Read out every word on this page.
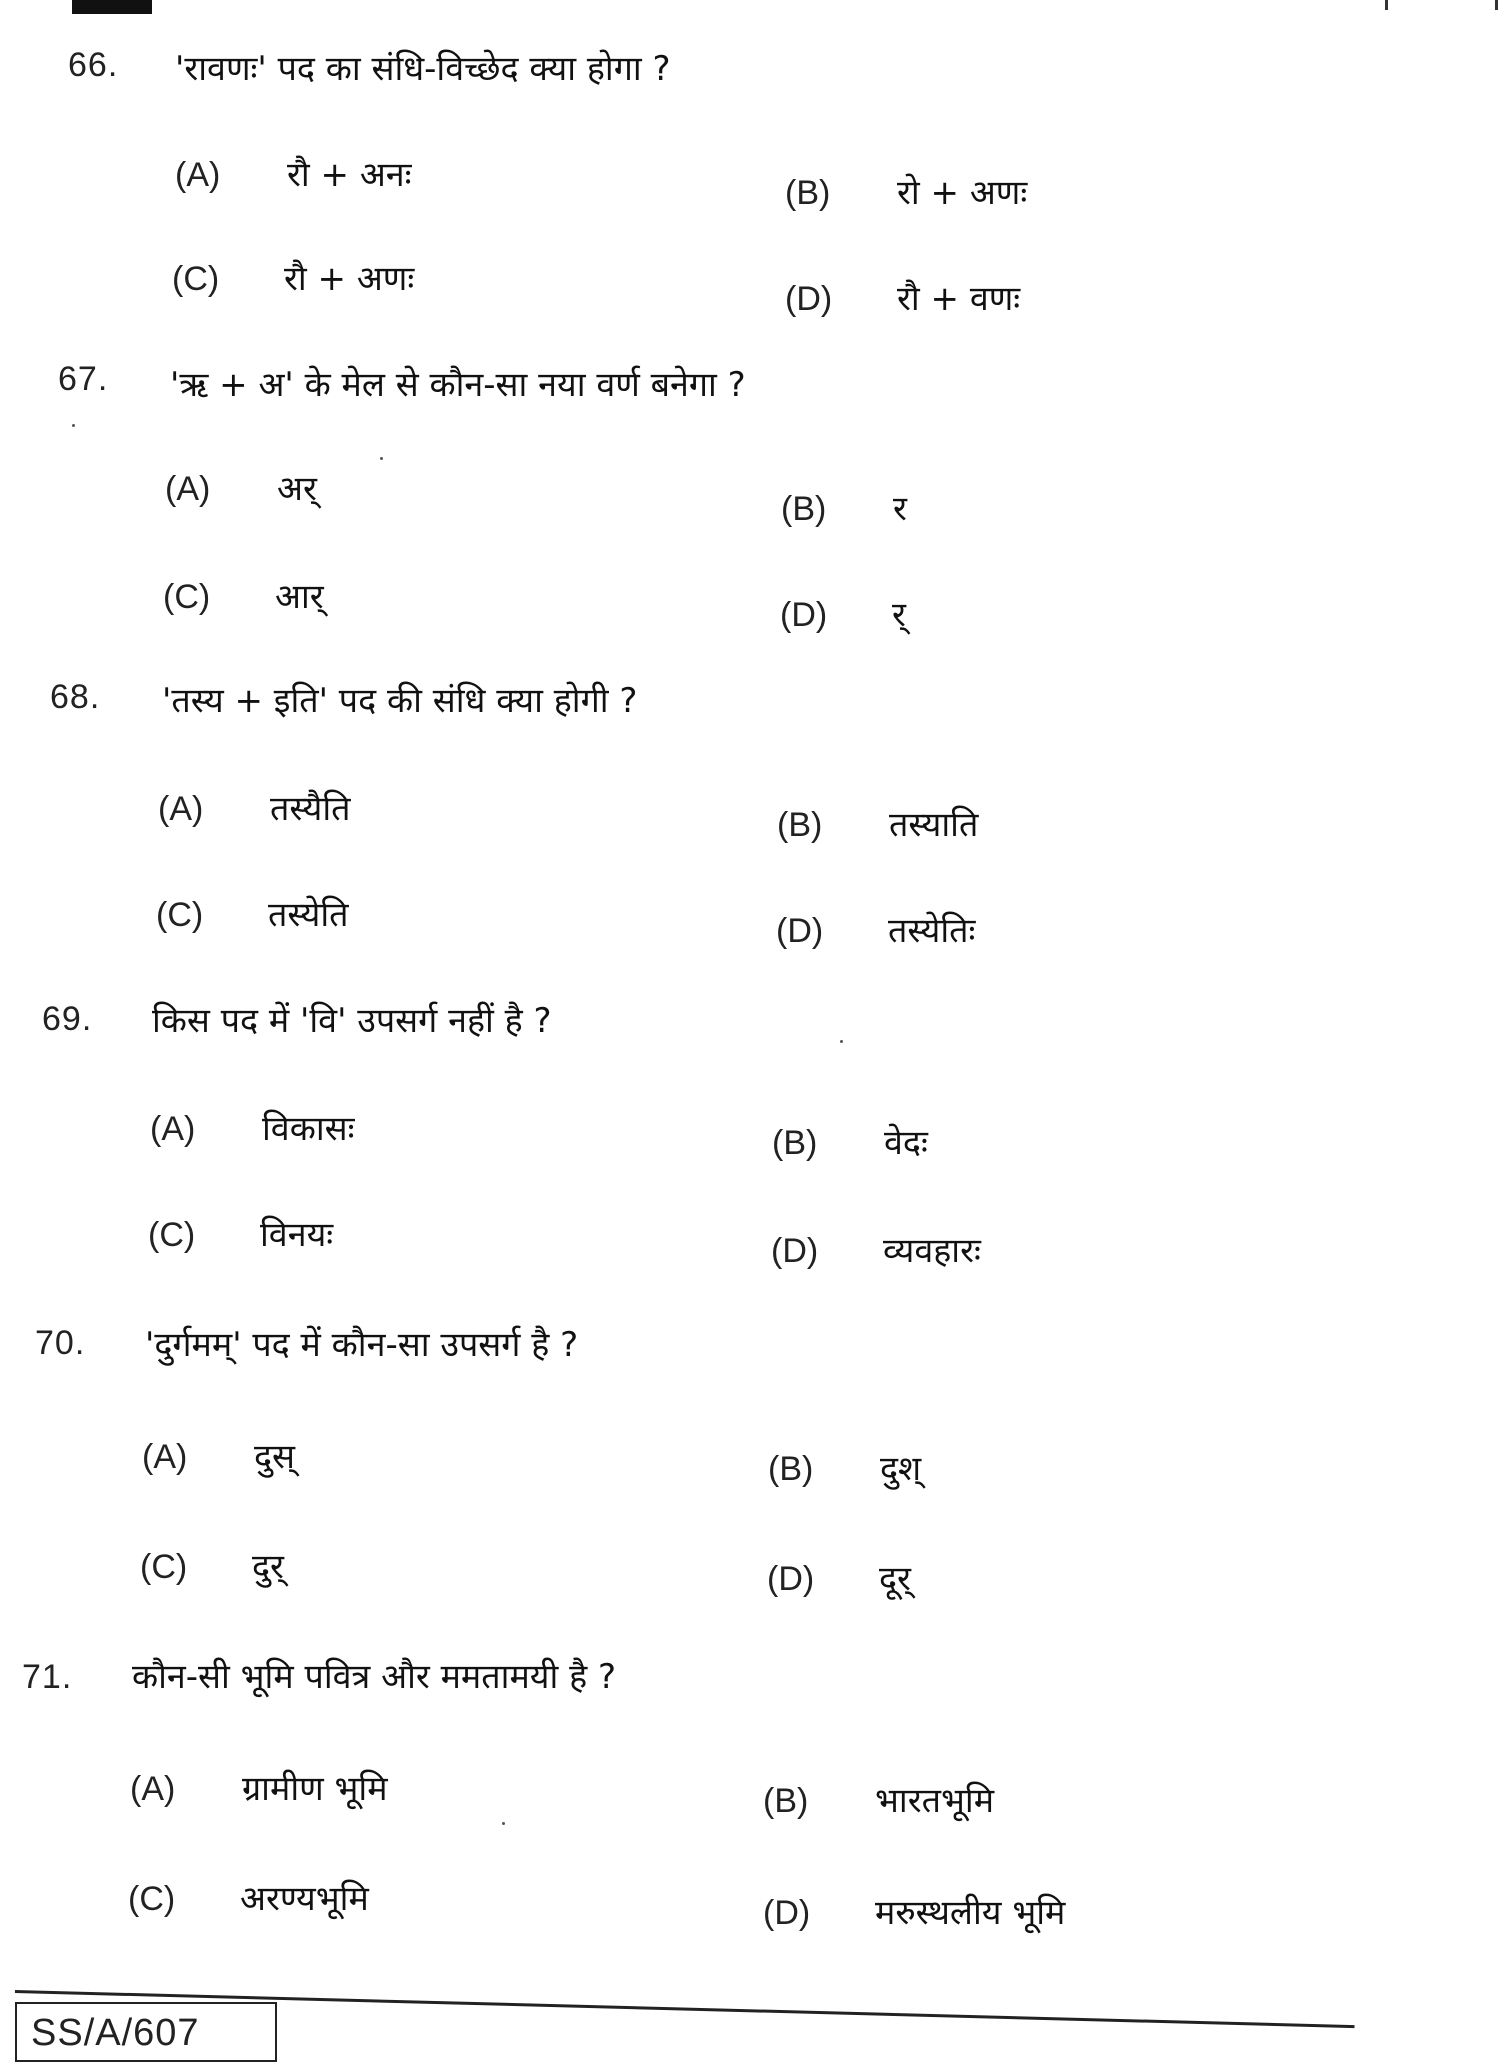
66. 'रावणः' पद का संधि-विच्छेद क्या होगा ?
(A)	रौ + अनः	(B)	रो + अणः
(C)	रौ + अणः	(D)	रौ + वणः
67. 'ऋ + अ' के मेल से कौन-सा नया वर्ण बनेगा ?
(A)	अर्	(B)	र
(C)	आर्	(D)	र्
68. 'तस्य + इति' पद की संधि क्या होगी ?
(A)	तस्यैति	(B)	तस्याति
(C)	तस्येति	(D)	तस्येतिः
69. किस पद में 'वि' उपसर्ग नहीं है ?
(A)	विकासः	(B)	वेदः
(C)	विनयः	(D)	व्यवहारः
70. 'दुर्गमम्' पद में कौन-सा उपसर्ग है ?
(A)	दुस्	(B)	दुश्
(C)	दुर्	(D)	दूर्
71. कौन-सी भूमि पवित्र और ममतामयी है ?
(A)	ग्रामीण भूमि	(B)	भारतभूमि
(C)	अरण्यभूमि	(D)	मरुस्थलीय भूमि
SS/A/607
